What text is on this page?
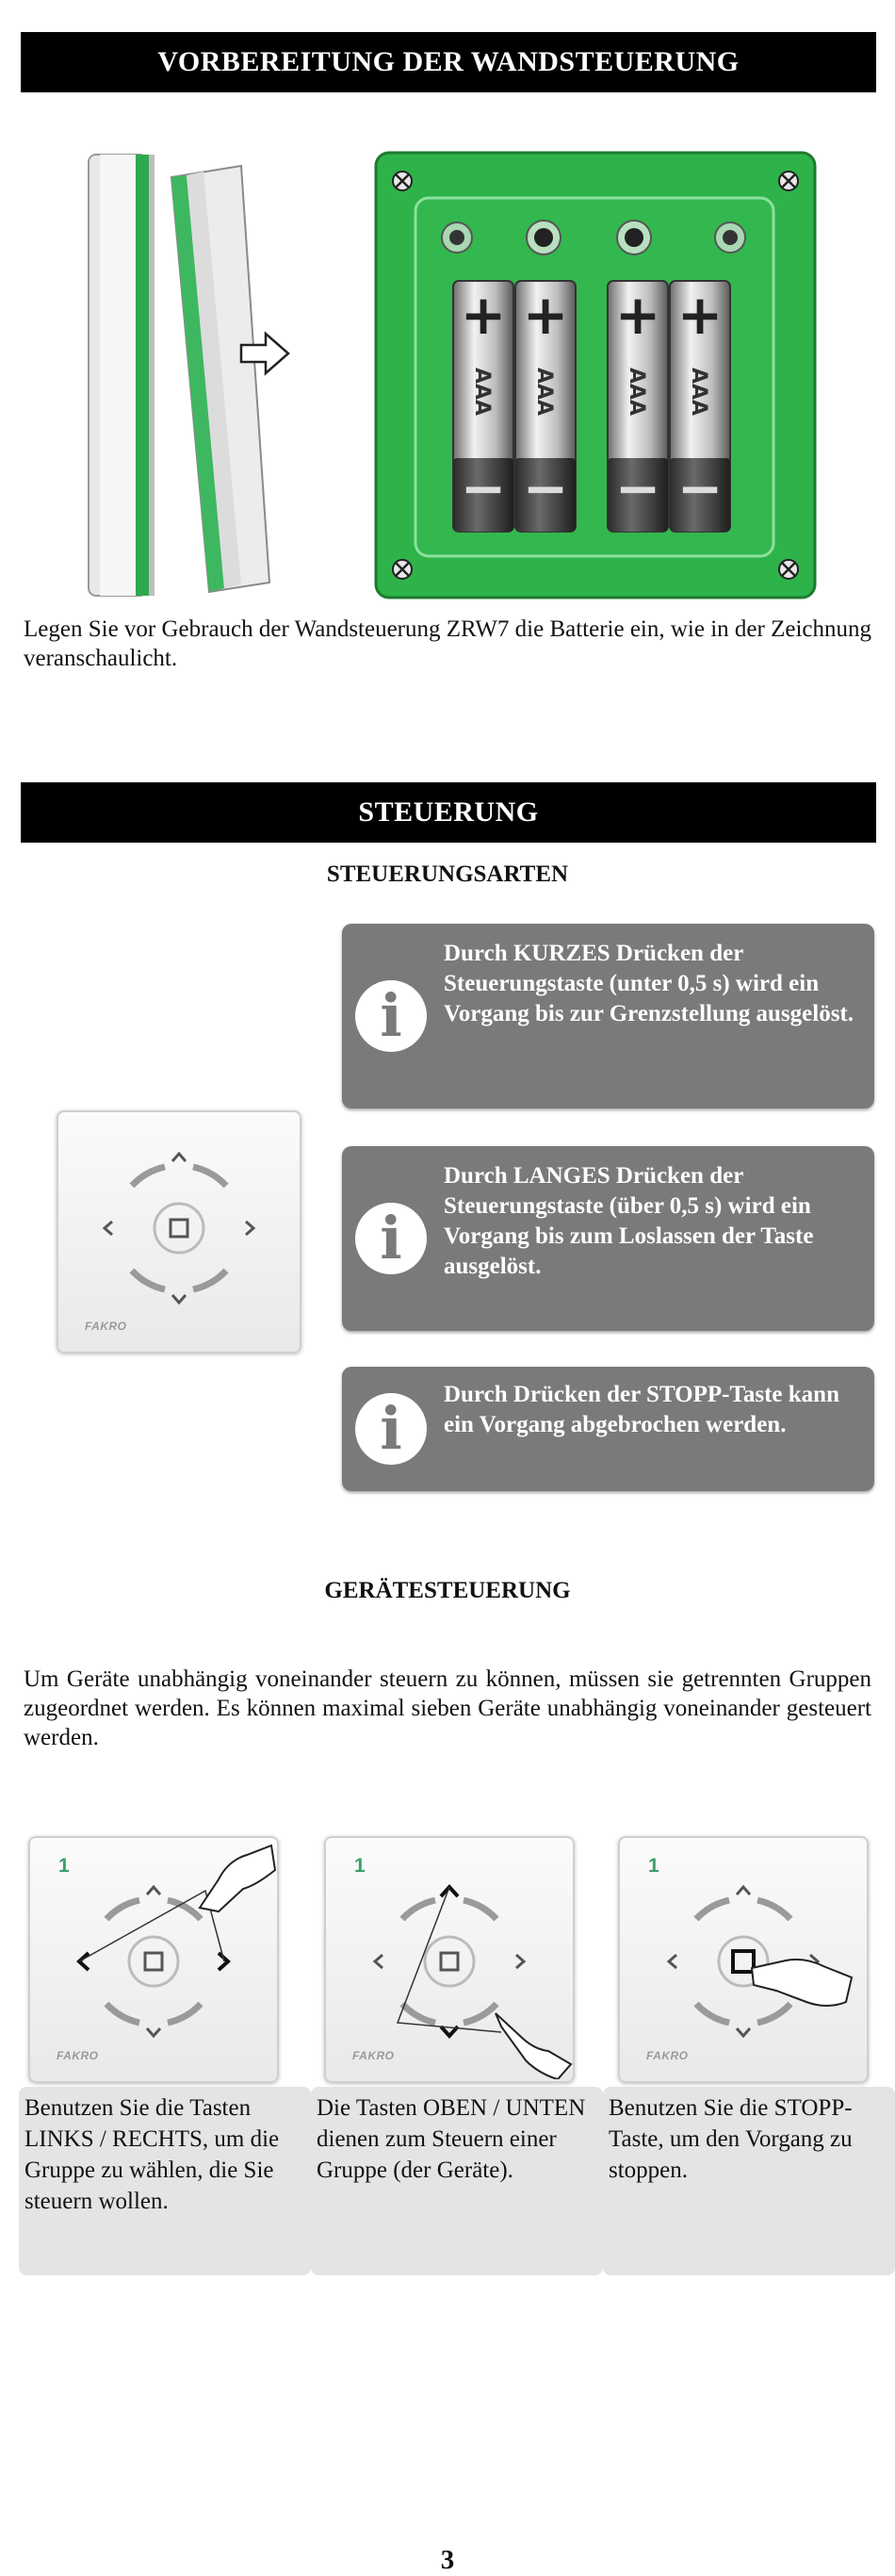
VORBEREITUNG DER WANDSTEUERUNG
+
−
AAA
+
−
AAA
+
−
AAA
+
−
AAA
Legen Sie vor Gebrauch der Wandsteuerung ZRW7 die Batterie ein, wie in der Zeichnung veranschaulicht.
STEUERUNG
STEUERUNGSARTEN
FAKRO
i
Durch KURZES Drücken der Steuerungstaste (unter 0,5 s) wird ein Vorgang bis zur Grenzstellung ausgelöst.
i
Durch LANGES Drücken der Steuerungstaste (über 0,5 s) wird ein Vorgang bis zum Loslassen der Taste ausgelöst.
i	Durch Drücken der STOPP-Taste kann ein Vorgang abgebrochen werden.
GERÄTESTEUERUNG
Um Geräte unabhängig voneinander steuern zu können, müssen sie getrennten Gruppen zugeordnet werden. Es können maximal sieben Geräte unabhängig voneinander gesteuert werden.
1
FAKRO
1
FAKRO
1
FAKRO
Benutzen Sie die Tasten LINKS / RECHTS, um die Gruppe zu wählen, die Sie steuern wollen.
Die Tasten OBEN / UNTEN dienen zum Steuern einer Gruppe (der Geräte).
Benutzen Sie die STOPP-Taste, um den Vorgang zu stoppen.
3
